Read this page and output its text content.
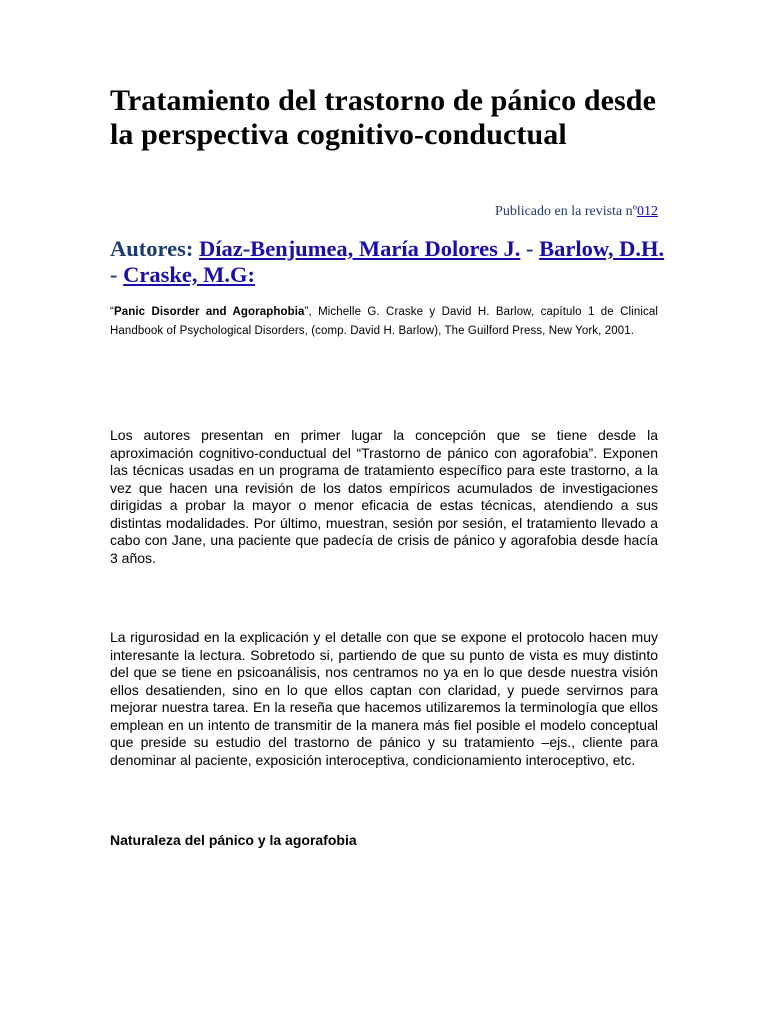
Tratamiento del trastorno de pánico desde la perspectiva cognitivo-conductual
Publicado en la revista nº012
Autores: Díaz-Benjumea, María Dolores J. - Barlow, D.H. - Craske, M.G:

“Panic Disorder and Agoraphobia”, Michelle G. Craske y David H. Barlow, capítulo 1 de Clinical Handbook of Psychological Disorders, (comp. David H. Barlow), The Guilford Press, New York, 2001.

Los autores presentan en primer lugar la concepción que se tiene desde la aproximación cognitivo-conductual del “Trastorno de pánico con agorafobia”. Exponen las técnicas usadas en un programa de tratamiento específico para este trastorno, a la vez que hacen una revisión de los datos empíricos acumulados de investigaciones dirigidas a probar la mayor o menor eficacia de estas técnicas, atendiendo a sus distintas modalidades. Por último, muestran, sesión por sesión, el tratamiento llevado a cabo con Jane, una paciente que padecía de crisis de pánico y agorafobia desde hacía 3 años.

La rigurosidad en la explicación y el detalle con que se expone el protocolo hacen muy interesante la lectura. Sobretodo si, partiendo de que su punto de vista es muy distinto del que se tiene en psicoanálisis, nos centramos no ya en lo que desde nuestra visión ellos desatienden, sino en lo que ellos captan con claridad, y puede servirnos para mejorar nuestra tarea. En la reseña que hacemos utilizaremos la terminología que ellos emplean en un intento de transmitir de la manera más fiel posible el modelo conceptual que preside su estudio del trastorno de pánico y su tratamiento –ejs., cliente para denominar al paciente, exposición interoceptiva, condicionamiento interoceptivo, etc.

Naturaleza del pánico y la agorafobia
